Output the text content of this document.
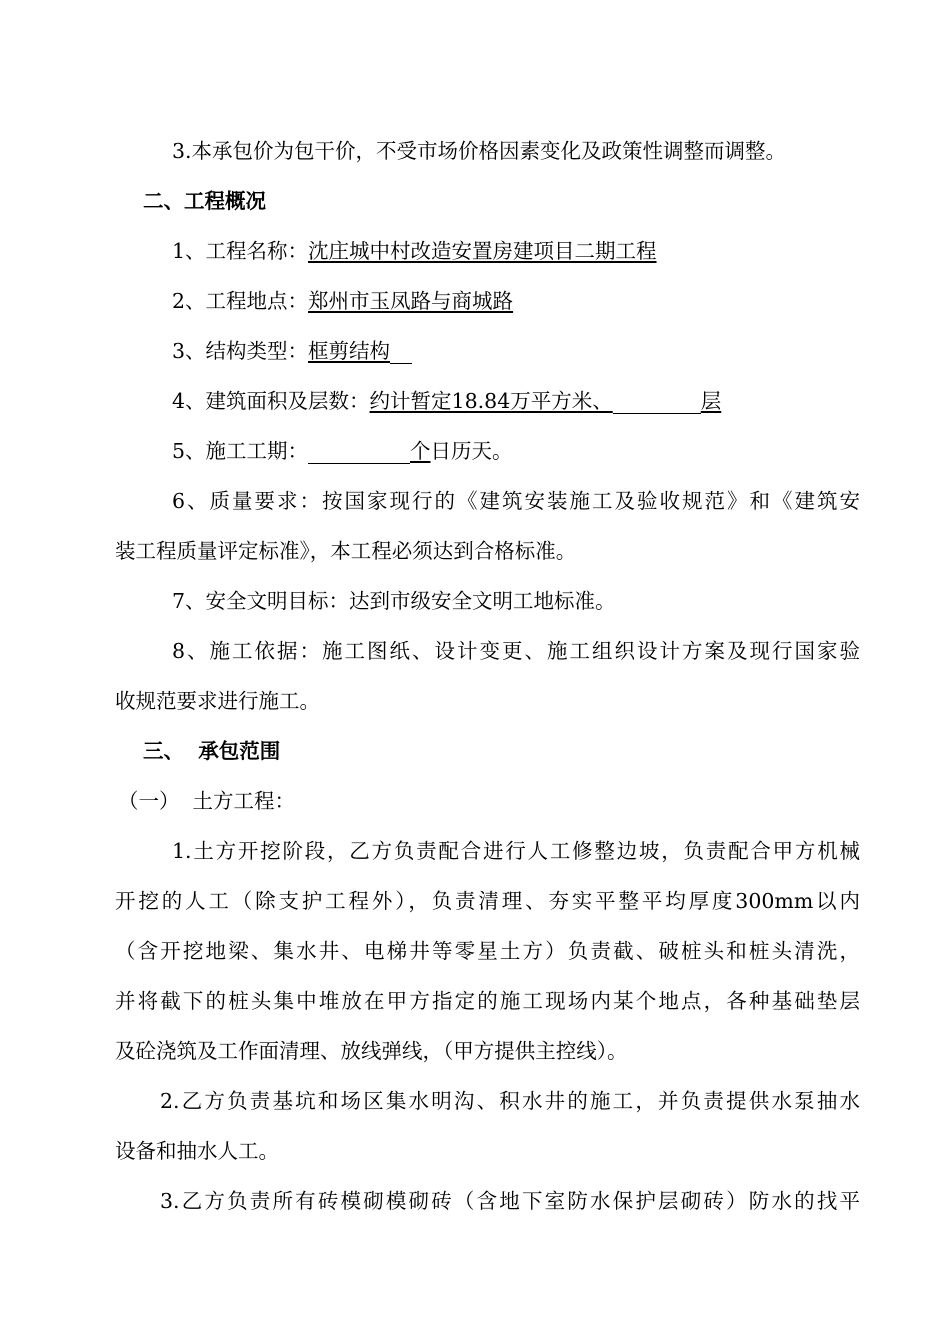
3.本承包价为包干价，不受市场价格因素变化及政策性调整而调整。
二、工程概况
1、工程名称：沈庄城中村改造安置房建项目二期工程
2、工程地点：郑州市玉凤路与商城路
3、结构类型：框剪结构
4、建筑面积及层数：约计暂定18.84万平方米、	层
5、施工工期：	个日历天。
6、质量要求：按国家现行的《建筑安装施工及验收规范》和《建筑安
装工程质量评定标准》，本工程必须达到合格标准。
7、安全文明目标：达到市级安全文明工地标准。
8、施工依据：施工图纸、设计变更、施工组织设计方案及现行国家验
收规范要求进行施工。
三、  承包范围
（一）  土方工程：
1.土方开挖阶段，乙方负责配合进行人工修整边坡，负责配合甲方机械
开挖的人工（除支护工程外），负责清理、夯实平整平均厚度300mm以内
（含开挖地梁、集水井、电梯井等零星土方）负责截、破桩头和桩头清洗，
并将截下的桩头集中堆放在甲方指定的施工现场内某个地点，各种基础垫层
及砼浇筑及工作面清理、放线弹线，（甲方提供主控线）。
2.乙方负责基坑和场区集水明沟、积水井的施工，并负责提供水泵抽水
设备和抽水人工。
3.乙方负责所有砖模砌模砌砖（含地下室防水保护层砌砖）防水的找平
